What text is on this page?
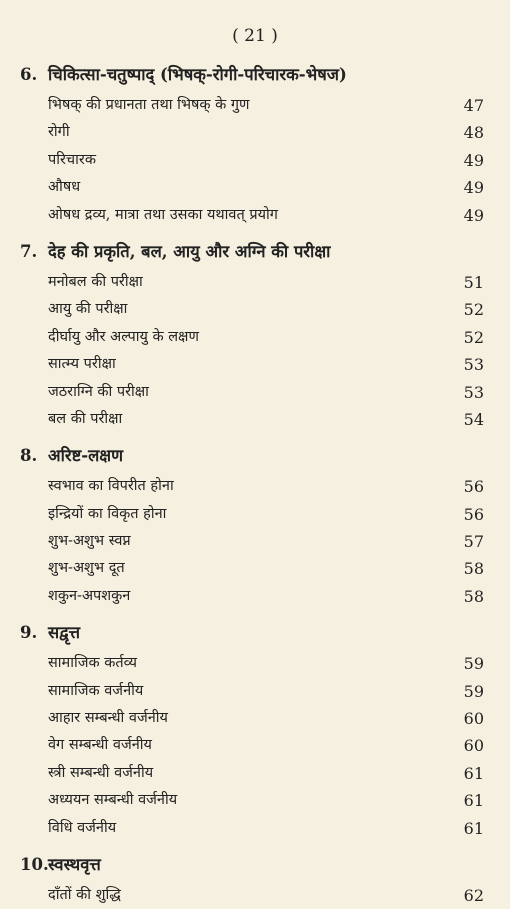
( 21 )
6. चिकित्सा-चतुष्पाद् (भिषक्-रोगी-परिचारक-भेषज)
भिषक् की प्रधानता तथा भिषक् के गुण	47
रोगी	48
परिचारक	49
औषध	49
ओषध द्रव्य, मात्रा तथा उसका यथावत् प्रयोग	49
7. देह की प्रकृति, बल, आयु और अग्नि की परीक्षा
मनोबल की परीक्षा	51
आयु की परीक्षा	52
दीर्घायु और अल्पायु के लक्षण	52
सात्म्य परीक्षा	53
जठराग्नि की परीक्षा	53
बल की परीक्षा	54
8. अरिष्ट-लक्षण
स्वभाव का विपरीत होना	56
इन्द्रियों का विकृत होना	56
शुभ-अशुभ स्वप्न	57
शुभ-अशुभ दूत	58
शकुन-अपशकुन	58
9. सद्वृत्त
सामाजिक कर्तव्य	59
सामाजिक वर्जनीय	59
आहार सम्बन्धी वर्जनीय	60
वेग सम्बन्धी वर्जनीय	60
स्त्री सम्बन्धी वर्जनीय	61
अध्ययन सम्बन्धी वर्जनीय	61
विधि वर्जनीय	61
10. स्वस्थवृत्त
दाँतों की शुद्धि	62
